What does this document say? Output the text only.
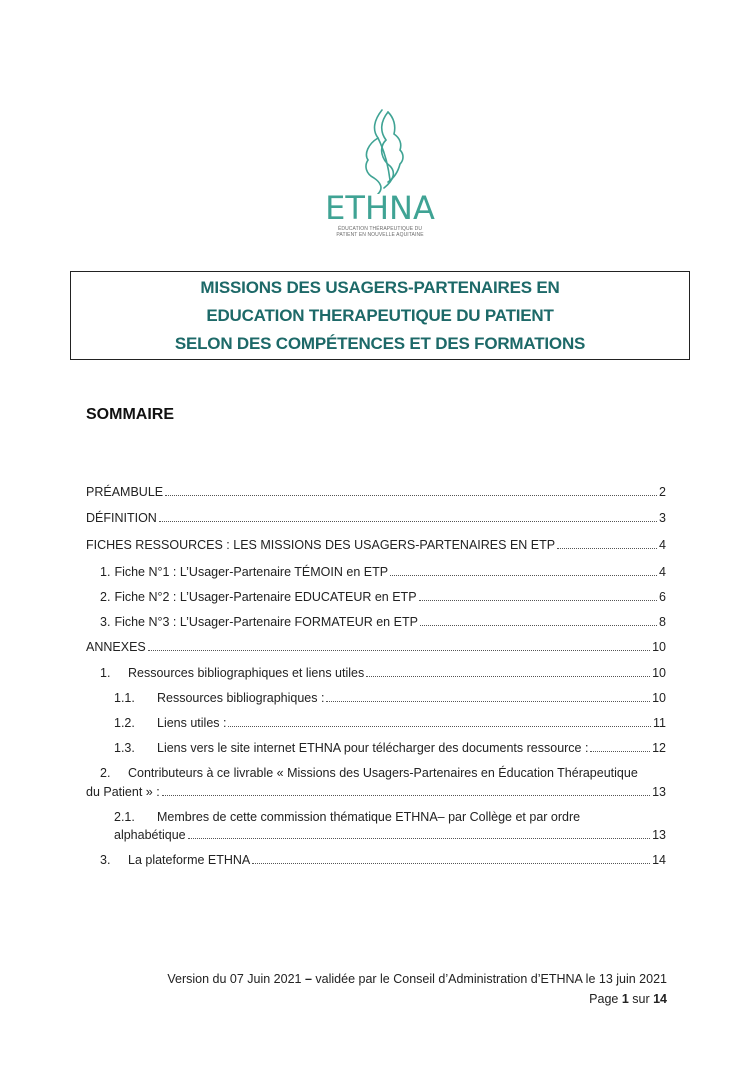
ETHNA
ÉDUCATION THÉRAPEUTIQUE DU
PATIENT EN NOUVELLE AQUITAINE
MISSIONS DES USAGERS-PARTENAIRES EN
EDUCATION THERAPEUTIQUE DU PATIENT
SELON DES COMPÉTENCES ET DES FORMATIONS
SOMMAIRE
PRÉAMBULE	2
DÉFINITION	3
FICHES RESSOURCES : LES MISSIONS DES USAGERS-PARTENAIRES EN ETP	4
1. Fiche N°1 : L’Usager-Partenaire TÉMOIN en ETP	4
2. Fiche N°2 : L’Usager-Partenaire EDUCATEUR en ETP	6
3. Fiche N°3 : L’Usager-Partenaire FORMATEUR en ETP	8
ANNEXES	10
1.	Ressources bibliographiques et liens utiles	10
1.1.	Ressources bibliographiques :	10
1.2.	Liens utiles :	11
1.3.	Liens vers le site internet ETHNA pour télécharger des documents ressource :	12
2. Contributeurs à ce livrable « Missions des Usagers-Partenaires en Éducation Thérapeutique
du Patient » :	13
2.1. Membres de cette commission thématique ETHNA– par Collège et par ordre
alphabétique	13
3.	La plateforme ETHNA	14
Version du 07 Juin 2021 – validée par le Conseil d’Administration d’ETHNA le 13 juin 2021
Page 1 sur 14
